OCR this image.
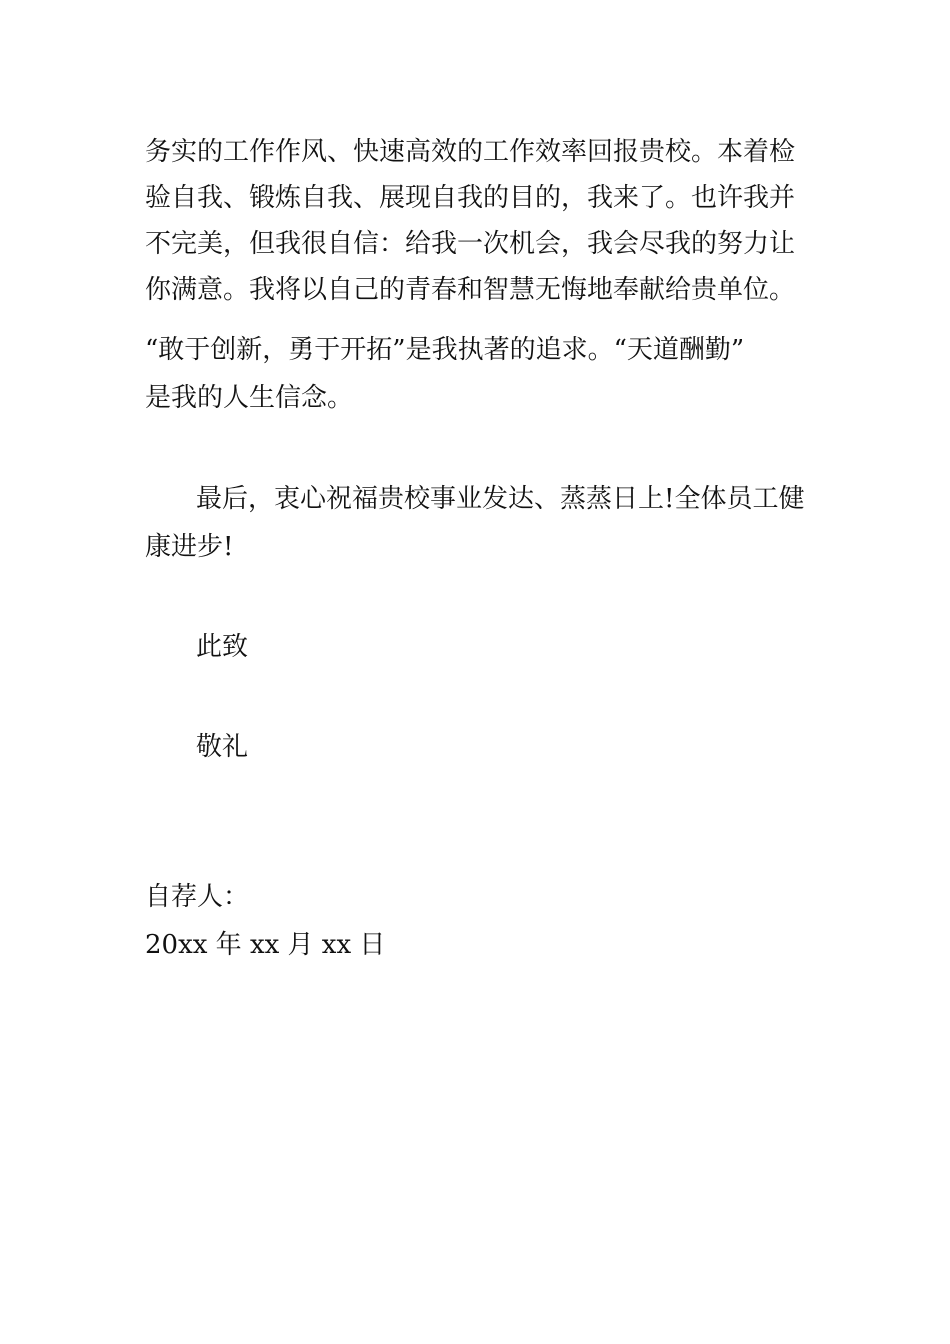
务实的工作作风、快速高效的工作效率回报贵校。本着检

验自我、锻炼自我、展现自我的目的，我来了。也许我并

不完美，但我很自信：给我一次机会，我会尽我的努力让

你满意。我将以自己的青春和智慧无悔地奉献给贵单位。

“敢于创新，勇于开拓”是我执著的追求。“天道酬勤”

是我的人生信念。

最后，衷心祝福贵校事业发达、蒸蒸日上!全体员工健

康进步!

此致

敬礼

自荐人：

20xx 年 xx 月 xx 日
